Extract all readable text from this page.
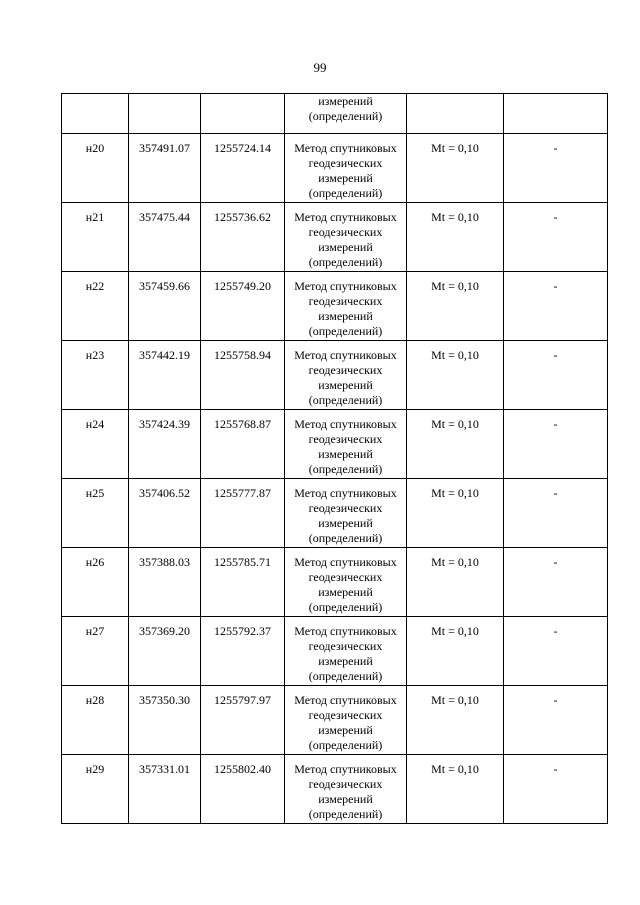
99

			измерений
(определений)		

н20	357491.07	1255724.14	Метод спутниковых
геодезических
измерений
(определений)	Mt = 0,10	-
н21	357475.44	1255736.62	Метод спутниковых
геодезических
измерений
(определений)	Mt = 0,10	-
н22	357459.66	1255749.20	Метод спутниковых
геодезических
измерений
(определений)	Mt = 0,10	-
н23	357442.19	1255758.94	Метод спутниковых
геодезических
измерений
(определений)	Mt = 0,10	-
н24	357424.39	1255768.87	Метод спутниковых
геодезических
измерений
(определений)	Mt = 0,10	-
н25	357406.52	1255777.87	Метод спутниковых
геодезических
измерений
(определений)	Mt = 0,10	-
н26	357388.03	1255785.71	Метод спутниковых
геодезических
измерений
(определений)	Mt = 0,10	-
н27	357369.20	1255792.37	Метод спутниковых
геодезических
измерений
(определений)	Mt = 0,10	-
н28	357350.30	1255797.97	Метод спутниковых
геодезических
измерений
(определений)	Mt = 0,10	-
н29	357331.01	1255802.40	Метод спутниковых
геодезических
измерений
(определений)	Mt = 0,10	-
